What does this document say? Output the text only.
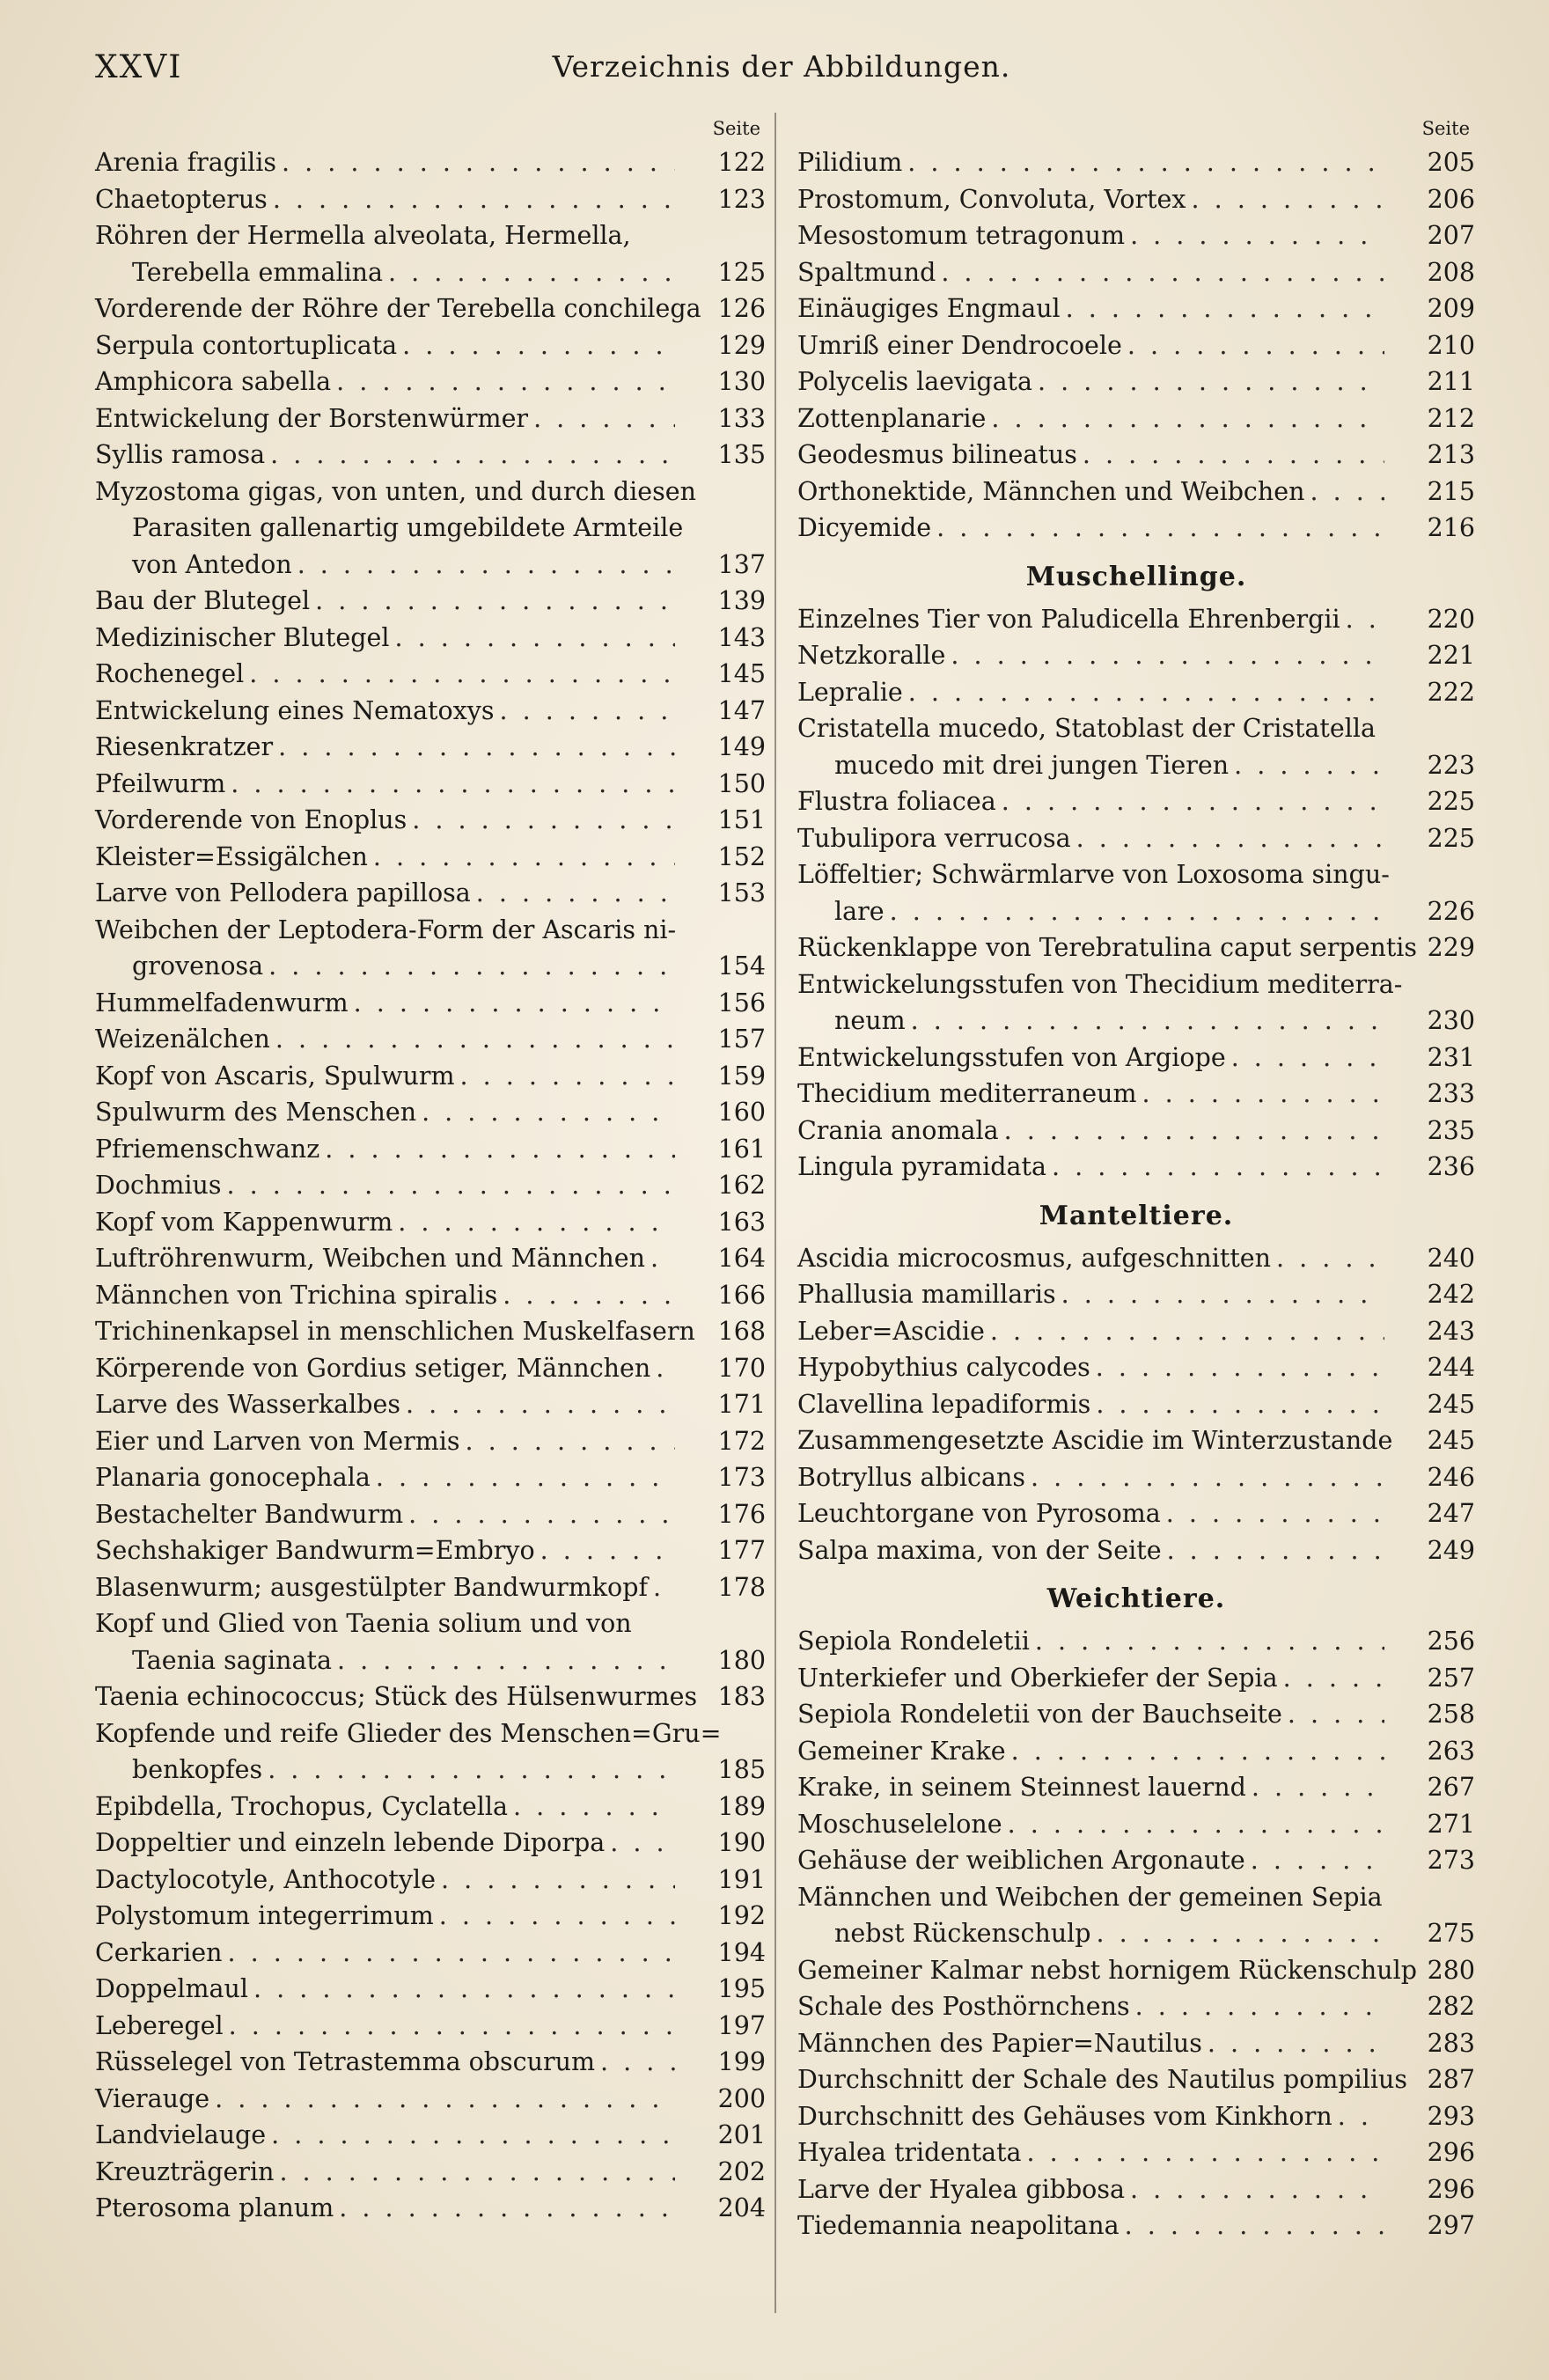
XXVI	Verzeichnis der Abbildungen.
Seite
Arenia fragilis . . .	122
Chaetopterus . . .	123
Röhren der Hermella alveolata, Hermella,
Terebella emmalina . . .	125
Vorderende der Röhre der Terebella conchilega 126
Serpula contortuplicata . . .	129
Amphicora sabella . . .	130
Entwickelung der Borstenwürmer . . .	133
Syllis ramosa . . .	135
Myzostoma gigas, von unten, und durch diesen
Parasiten gallenartig umgebildete Armteile
von Antedon . . .	137
Bau der Blutegel . . .	139
Medizinischer Blutegel . . .	143
Rochenegel . . .	145
Entwickelung eines Nematoxys . . .	147
Riesenkratzer . . .	149
Pfeilwurm . . .	150
Vorderende von Enoplus . . .	151
Kleister=Essigälchen . . .	152
Larve von Pellodera papillosa . . .	153
Weibchen der Leptodera-Form der Ascaris ni-
grovenosa . . .	154
Hummelfadenwurm . . .	156
Weizenälchen . . .	157
Kopf von Ascaris, Spulwurm . . .	159
Spulwurm des Menschen . . .	160
Pfriemenschwanz . . .	161
Dochmius . . .	162
Kopf vom Kappenwurm . . .	163
Luftröhrenwurm, Weibchen und Männchen . . .	164
Männchen von Trichina spiralis . . .	166
Trichinenkapsel in menschlichen Muskelfasern 168
Körperende von Gordius setiger, Männchen . . .	170
Larve des Wasserkalbes . . .	171
Eier und Larven von Mermis . . .	172
Planaria gonocephala . . .	173
Bestachelter Bandwurm . . .	176
Sechshakiger Bandwurm=Embryo . . .	177
Blasenwurm; ausgestülpter Bandwurmkopf . . .	178
Kopf und Glied von Taenia solium und von
Taenia saginata . . .	180
Taenia echinococcus; Stück des Hülsenwurmes 183
Kopfende und reife Glieder des Menschen=Gru=
benkopfes . . .	185
Epibdella, Trochopus, Cyclatella . . .	189
Doppeltier und einzeln lebende Diporpa . . .	190
Dactylocotyle, Anthocotyle . . .	191
Polystomum integerrimum . . .	192
Cerkarien . . .	194
Doppelmaul . . .	195
Leberegel . . .	197
Rüsselegel von Tetrastemma obscurum . . .	199
Vierauge . . .	200
Landvielauge . . .	201
Kreuzträgerin . . .	202
Pterosoma planum . . .	204
Seite
Pilidium . . .	205
Prostomum, Convoluta, Vortex . . .	206
Mesostomum tetragonum . . .	207
Spaltmund . . .	208
Einäugiges Engmaul . . .	209
Umriß einer Dendrocoele . . .	210
Polycelis laevigata . . .	211
Zottenplanarie . . .	212
Geodesmus bilineatus . . .	213
Orthonektide, Männchen und Weibchen . . .	215
Dicyemide . . .	216
Muschellinge.
Einzelnes Tier von Paludicella Ehrenbergii . . .	220
Netzkoralle . . .	221
Lepralie . . .	222
Cristatella mucedo, Statoblast der Cristatella
mucedo mit drei jungen Tieren . . .	223
Flustra foliacea . . .	225
Tubulipora verrucosa . . .	225
Löffeltier; Schwärmlarve von Loxosoma singu-
lare . . .	226
Rückenklappe von Terebratulina caput serpentis 229
Entwickelungsstufen von Thecidium mediterra-
neum . . .	230
Entwickelungsstufen von Argiope . . .	231
Thecidium mediterraneum . . .	233
Crania anomala . . .	235
Lingula pyramidata . . .	236
Manteltiere.
Ascidia microcosmus, aufgeschnitten . . .	240
Phallusia mamillaris . . .	242
Leber=Ascidie . . .	243
Hypobythius calycodes . . .	244
Clavellina lepadiformis . . .	245
Zusammengesetzte Ascidie im Winterzustande	245
Botryllus albicans . . .	246
Leuchtorgane von Pyrosoma . . .	247
Salpa maxima, von der Seite . . .	249
Weichtiere.
Sepiola Rondeletii . . .	256
Unterkiefer und Oberkiefer der Sepia . . .	257
Sepiola Rondeletii von der Bauchseite . . .	258
Gemeiner Krake . . .	263
Krake, in seinem Steinnest lauernd . . .	267
Moschuselelone . . .	271
Gehäuse der weiblichen Argonaute . . .	273
Männchen und Weibchen der gemeinen Sepia
nebst Rückenschulp . . .	275
Gemeiner Kalmar nebst hornigem Rückenschulp 280
Schale des Posthörnchens . . .	282
Männchen des Papier=Nautilus . . .	283
Durchschnitt der Schale des Nautilus pompilius 287
Durchschnitt des Gehäuses vom Kinkhorn . . .	293
Hyalea tridentata . . .	296
Larve der Hyalea gibbosa . . .	296
Tiedemannia neapolitana . . .	297
